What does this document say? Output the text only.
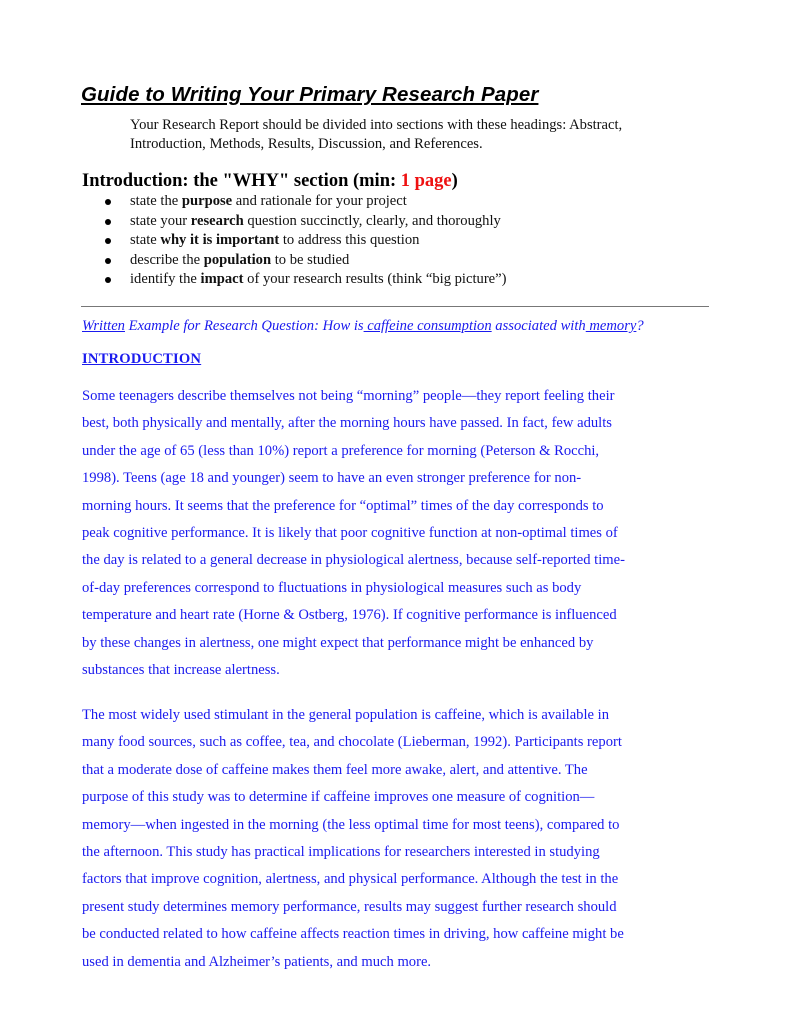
Guide to Writing Your Primary Research Paper

Your Research Report should be divided into sections with these headings: Abstract,
Introduction, Methods, Results, Discussion, and References.

Introduction: the "WHY" section (min: 1 page)
state the purpose and rationale for your project
state your research question succinctly, clearly, and thoroughly
state why it is important to address this question
describe the population to be studied
identify the impact of your research results (think “big picture”)

Written Example for Research Question: How is caffeine consumption associated with memory?

INTRODUCTION

Some teenagers describe themselves not being “morning” people—they report feeling their
best, both physically and mentally, after the morning hours have passed. In fact, few adults
under the age of 65 (less than 10%) report a preference for morning (Peterson & Rocchi,
1998). Teens (age 18 and younger) seem to have an even stronger preference for non-
morning hours. It seems that the preference for “optimal” times of the day corresponds to
peak cognitive performance. It is likely that poor cognitive function at non-optimal times of
the day is related to a general decrease in physiological alertness, because self-reported time-
of-day preferences correspond to fluctuations in physiological measures such as body
temperature and heart rate (Horne & Ostberg, 1976). If cognitive performance is influenced
by these changes in alertness, one might expect that performance might be enhanced by
substances that increase alertness.

The most widely used stimulant in the general population is caffeine, which is available in
many food sources, such as coffee, tea, and chocolate (Lieberman, 1992). Participants report
that a moderate dose of caffeine makes them feel more awake, alert, and attentive. The
purpose of this study was to determine if caffeine improves one measure of cognition—
memory—when ingested in the morning (the less optimal time for most teens), compared to
the afternoon. This study has practical implications for researchers interested in studying
factors that improve cognition, alertness, and physical performance. Although the test in the
present study determines memory performance, results may suggest further research should
be conducted related to how caffeine affects reaction times in driving, how caffeine might be
used in dementia and Alzheimer’s patients, and much more.
